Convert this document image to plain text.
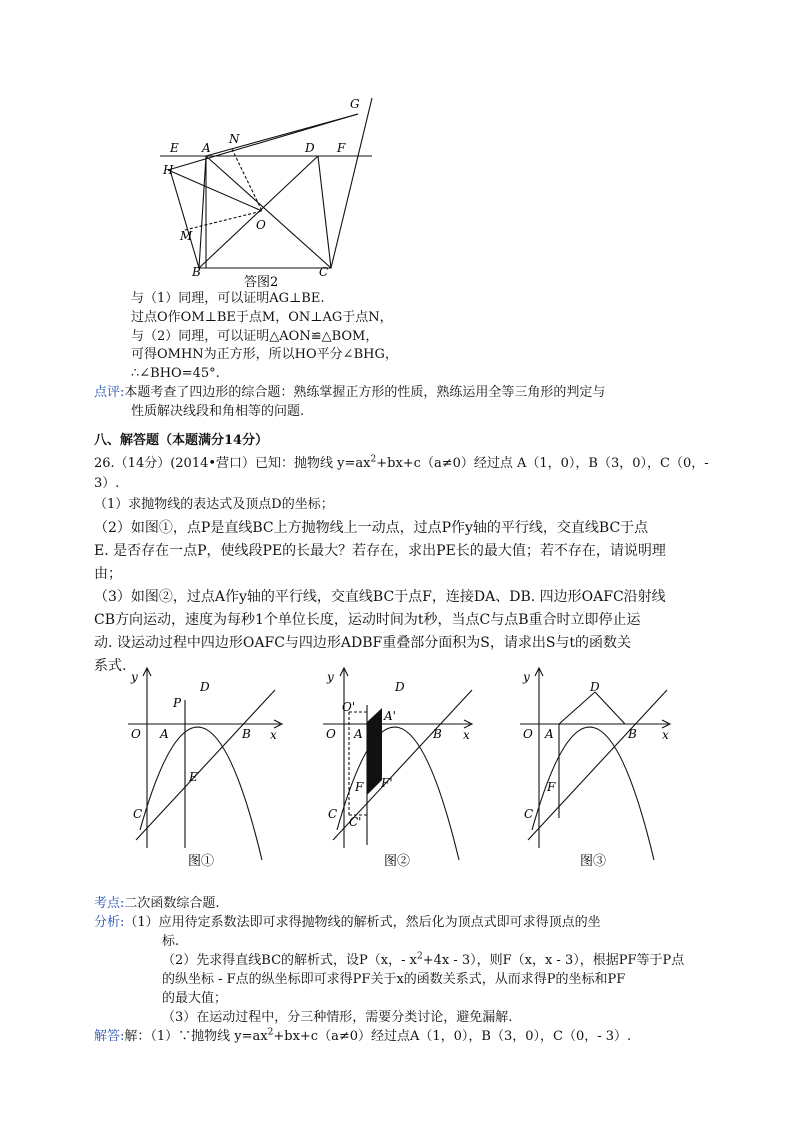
G
N
E A	D F
H
O
M
B	C
答图2
与（1）同理，可以证明AG⊥BE.
过点O作OM⊥BE于点M，ON⊥AG于点N，
与（2）同理，可以证明△AON≌△BOM，
可得OMHN为正方形，所以HO平分∠BHG，
∴∠BHO=45°.
点评:本题考查了四边形的综合题：熟练掌握正方形的性质，熟练运用全等三角形的判定与
性质解决线段和角相等的问题.
八、解答题（本题满分14分）
26.（14分）(2014•营口）已知：抛物线 $y=ax^2+bx+c(a\ne 0)$经过点 A（1，0），B（3，0），C（0，-
3）.
（1）求抛物线的表达式及顶点D的坐标；
（2）如图①，点P是直线BC上方抛物线上一动点，过点P作y轴的平行线，交直线BC于点
E. 是否存在一点P，使线段PE的长最大？若存在，求出PE长的最大值；若不存在，请说明理
由；
（3）如图②，过点A作y轴的平行线，交直线BC于点F，连接DA、DB. 四边形OAFC沿射线
CB方向运动，速度为每秒1个单位长度，运动时间为t秒，当点C与点B重合时立即停止运
动. 设运动过程中四边形OAFC与四边形ADBF重叠部分面积为S，请求出S与t的函数关
系式.
y
x
O A	B
C
D
P
E
图①
y
x
O
O'
A
A'
B
C
C'
D
F F'
图②
y
x
O A	B
C
D
F
图③
考点:二次函数综合题.
分析:（1）应用待定系数法即可求得抛物线的解析式，然后化为顶点式即可求得顶点的坐
标.
（2）先求得直线BC的解析式，设P（x，- $x^2+4x - 3$），则F（x，x - 3），根据PF等于P点
的纵坐标 - F点的纵坐标即可求得PF关于x的函数关系式，从而求得P的坐标和PF
的最大值；
（3）在运动过程中，分三种情形，需要分类讨论，避免漏解.
解答:解：（1）∵抛物线 $y=ax^2+bx+c(a\ne 0)$经过点A（1，0），B（3，0），C（0，- 3）.
